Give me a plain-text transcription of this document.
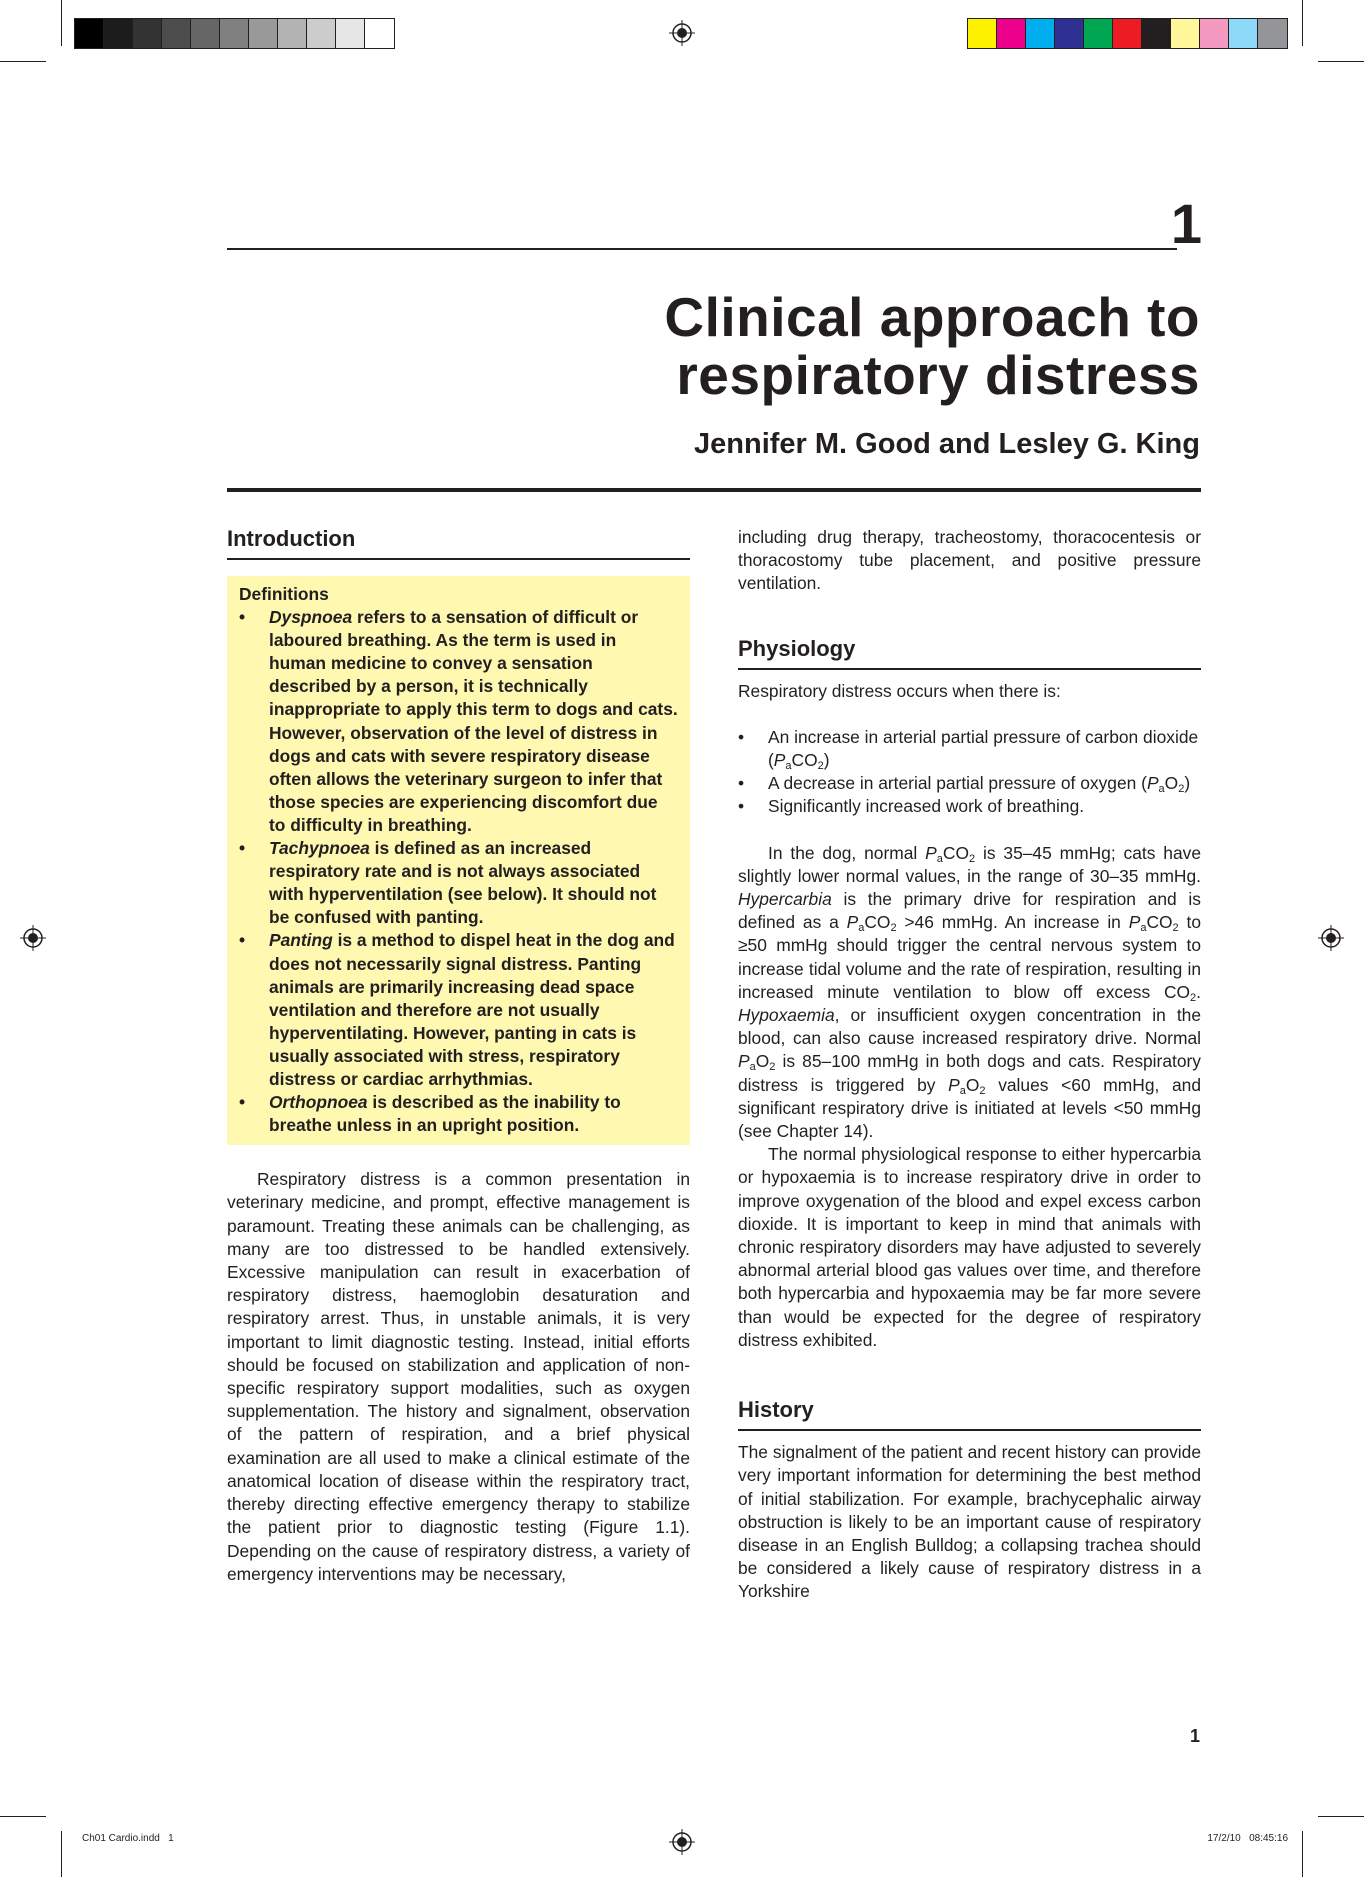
1
Clinical approach to
respiratory distress
Jennifer M. Good and Lesley G. King
Introduction
Definitions
• Dyspnoea refers to a sensation of difficult or laboured breathing. As the term is used in human medicine to convey a sensation described by a person, it is technically inappropriate to apply this term to dogs and cats. However, observation of the level of distress in dogs and cats with severe respiratory disease often allows the veterinary surgeon to infer that those species are experiencing discomfort due to difficulty in breathing.
• Tachypnoea is defined as an increased respiratory rate and is not always associated with hyperventilation (see below). It should not be confused with panting.
• Panting is a method to dispel heat in the dog and does not necessarily signal distress. Panting animals are primarily increasing dead space ventilation and therefore are not usually hyperventilating. However, panting in cats is usually associated with stress, respiratory distress or cardiac arrhythmias.
• Orthopnoea is described as the inability to breathe unless in an upright position.

Respiratory distress is a common presentation in veterinary medicine, and prompt, effective management is paramount. Treating these animals can be challenging, as many are too distressed to be handled extensively. Excessive manipulation can result in exacerbation of respiratory distress, haemoglobin desaturation and respiratory arrest. Thus, in unstable animals, it is very important to limit diagnostic testing. Instead, initial efforts should be focused on stabilization and application of non-specific respiratory support modalities, such as oxygen supplementation. The history and signalment, observation of the pattern of respiration, and a brief physical examination are all used to make a clinical estimate of the anatomical location of disease within the respiratory tract, thereby directing effective emergency therapy to stabilize the patient prior to diagnostic testing (Figure 1.1). Depending on the cause of respiratory distress, a variety of emergency interventions may be necessary,

including drug therapy, tracheostomy, thoracocentesis or thoracostomy tube placement, and positive pressure ventilation.

Physiology

Respiratory distress occurs when there is:

• An increase in arterial partial pressure of carbon dioxide $(P_aCO_2)$
• A decrease in arterial partial pressure of oxygen $(P_aO_2)$
• Significantly increased work of breathing.

In the dog, normal $P_aCO_2$ is 35–45 mmHg; cats have slightly lower normal values, in the range of 30–35 mmHg. Hypercarbia is the primary drive for respiration and is defined as a $P_aCO_2 >46$ mmHg. An increase in $P_aCO_2$ to ≥50 mmHg should trigger the central nervous system to increase tidal volume and the rate of respiration, resulting in increased minute ventilation to blow off excess $CO_2$. Hypoxaemia, or insufficient oxygen concentration in the blood, can also cause increased respiratory drive. Normal $P_aO_2$ is 85–100 mmHg in both dogs and cats. Respiratory distress is triggered by $P_aO_2$ values <60 mmHg, and significant respiratory drive is initiated at levels <50 mmHg (see Chapter 14).

The normal physiological response to either hypercarbia or hypoxaemia is to increase respiratory drive in order to improve oxygenation of the blood and expel excess carbon dioxide. It is important to keep in mind that animals with chronic respiratory disorders may have adjusted to severely abnormal arterial blood gas values over time, and therefore both hypercarbia and hypoxaemia may be far more severe than would be expected for the degree of respiratory distress exhibited.

History

The signalment of the patient and recent history can provide very important information for determining the best method of initial stabilization. For example, brachycephalic airway obstruction is likely to be an important cause of respiratory disease in an English Bulldog; a collapsing trachea should be considered a likely cause of respiratory distress in a Yorkshire

1
Ch01 Cardio.indd   1	17/2/10   08:45:16
